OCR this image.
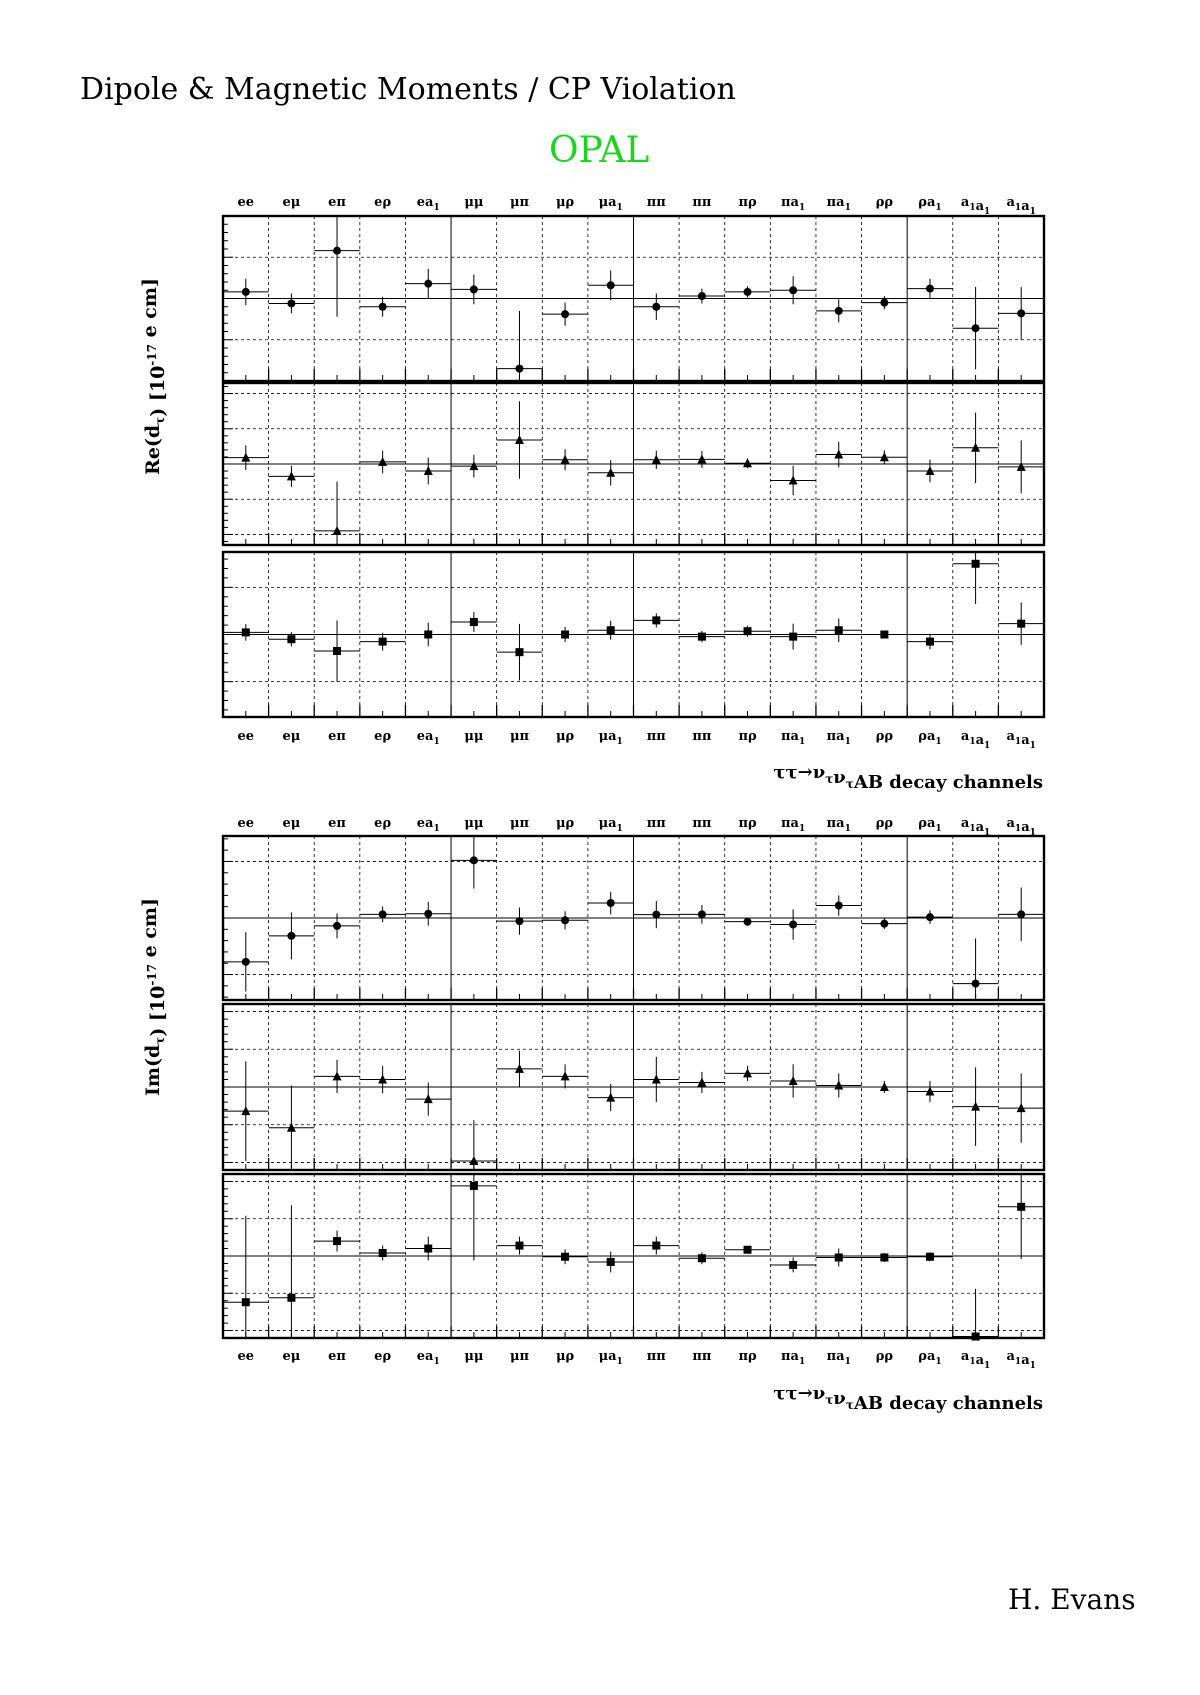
Dipole & Magnetic Moments / CP Violation
OPAL
H. Evans
ee
ee
eμ
eμ
eπ
eπ
eρ
eρ
$ea_1$
$ea_1$
μμ
μμ
μπ
μπ
μρ
μρ
$\mu a_1$
$\mu a_1$
ππ
ππ
ππ
ππ
πρ
πρ
$\pi a_1$
$\pi a_1$
$\pi a_1$
$\pi a_1$
ρρ
ρρ
$\rho a_1$
$\rho a_1$
$a_1a_1$
$a_1a_1$
$a_1a_1$
$a_1a_1$
$Re(d_\tau)$ [$10^{-17}$ e cm]
$\tau\tau\to\nu_\tau\nu_\tau AB$ decay channels
ee
ee
eμ
eμ
eπ
eπ
eρ
eρ
$ea_1$
$ea_1$
μμ
μμ
μπ
μπ
μρ
μρ
$\mu a_1$
$\mu a_1$
ππ
ππ
ππ
ππ
πρ
πρ
$\pi a_1$
$\pi a_1$
$\pi a_1$
$\pi a_1$
ρρ
ρρ
$\rho a_1$
$\rho a_1$
$a_1a_1$
$a_1a_1$
$a_1a_1$
$a_1a_1$
$Im(d_\tau)$ [$10^{-17}$ e cm]
$\tau\tau\to\nu_\tau\nu_\tau AB$ decay channels
